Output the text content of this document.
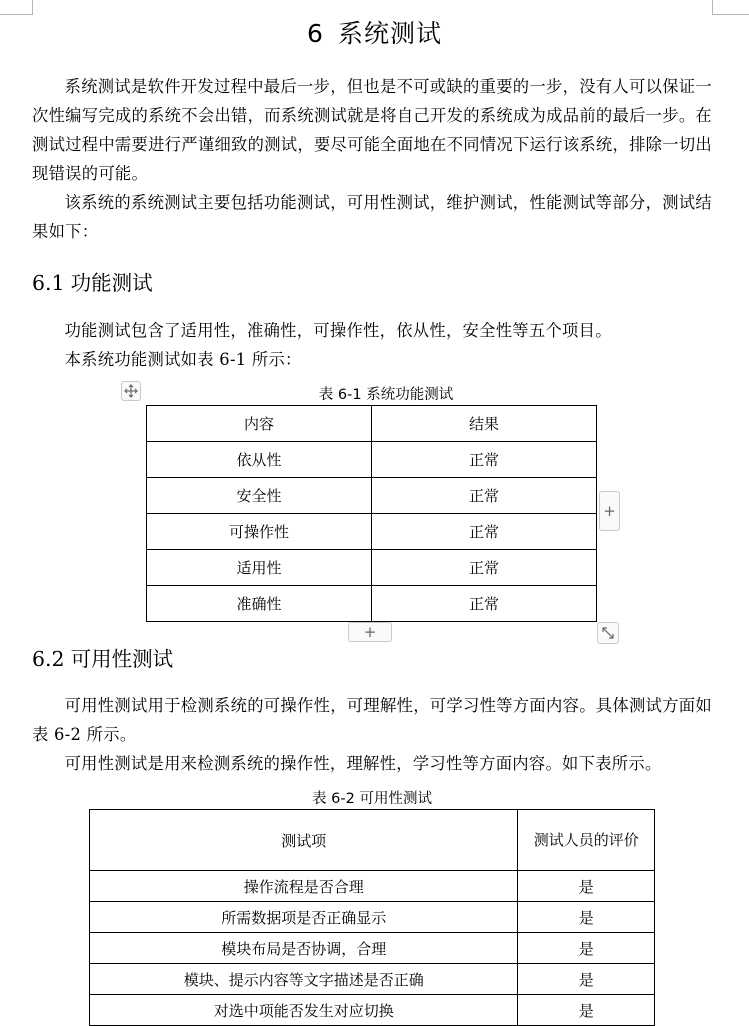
6 系统测试

系统测试是软件开发过程中最后一步，但也是不可或缺的重要的一步，没有人可以保证一次性编写完成的系统不会出错，而系统测试就是将自己开发的系统成为成品前的最后一步。在测试过程中需要进行严谨细致的测试，要尽可能全面地在不同情况下运行该系统，排除一切出现错误的可能。

该系统的系统测试主要包括功能测试，可用性测试，维护测试，性能测试等部分，测试结果如下：

6.1 功能测试

功能测试包含了适用性，准确性，可操作性，依从性，安全性等五个项目。

本系统功能测试如表 6-1 所示：

表 6-1 系统功能测试
内容	结果
依从性	正常
安全性	正常
可操作性	正常
适用性	正常
准确性	正常
+
+
6.2 可用性测试

可用性测试用于检测系统的可操作性，可理解性，可学习性等方面内容。具体测试方面如表 6-2 所示。

可用性测试是用来检测系统的操作性，理解性，学习性等方面内容。如下表所示。

表 6-2 可用性测试
测试项	测试人员的评价
操作流程是否合理	是
所需数据项是否正确显示	是
模块布局是否协调，合理	是
模块、提示内容等文字描述是否正确	是
对选中项能否发生对应切换	是
